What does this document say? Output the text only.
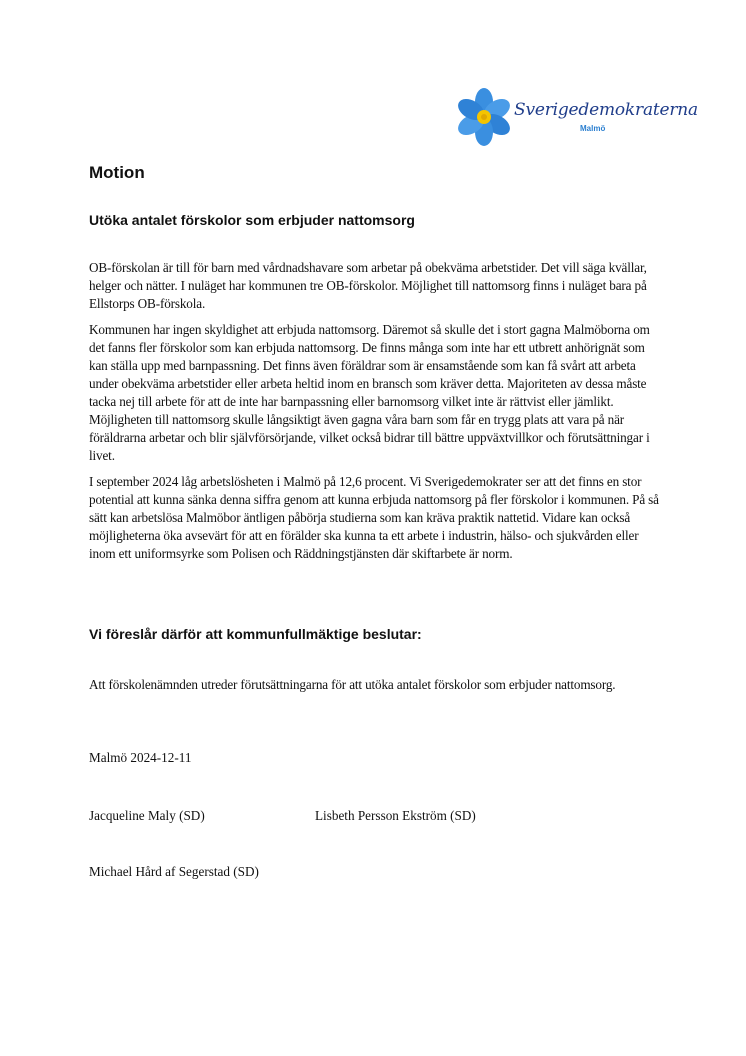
Sverigedemokraterna
Malmö
Motion
Utöka antalet förskolor som erbjuder nattomsorg

OB-förskolan är till för barn med vårdnadshavare som arbetar på obekväma arbetstider. Det vill säga kvällar, helger och nätter. I nuläget har kommunen tre OB-förskolor. Möjlighet till nattomsorg finns i nuläget bara på Ellstorps OB-förskola.

Kommunen har ingen skyldighet att erbjuda nattomsorg. Däremot så skulle det i stort gagna Malmöborna om det fanns fler förskolor som kan erbjuda nattomsorg. De finns många som inte har ett utbrett anhörignät som kan ställa upp med barnpassning. Det finns även föräldrar som är ensamstående som kan få svårt att arbeta under obekväma arbetstider eller arbeta heltid inom en bransch som kräver detta. Majoriteten av dessa måste tacka nej till arbete för att de inte har barnpassning eller barnomsorg vilket inte är rättvist eller jämlikt. Möjligheten till nattomsorg skulle långsiktigt även gagna våra barn som får en trygg plats att vara på när föräldrarna arbetar och blir självförsörjande, vilket också bidrar till bättre uppväxtvillkor och förutsättningar i livet.

I september 2024 låg arbetslösheten i Malmö på 12,6 procent. Vi Sverigedemokrater ser att det finns en stor potential att kunna sänka denna siffra genom att kunna erbjuda nattomsorg på fler förskolor i kommunen. På så sätt kan arbetslösa Malmöbor äntligen påbörja studierna som kan kräva praktik nattetid. Vidare kan också möjligheterna öka avsevärt för att en förälder ska kunna ta ett arbete i industrin, hälso- och sjukvården eller inom ett uniformsyrke som Polisen och Räddningstjänsten där skiftarbete är norm.

Vi föreslår därför att kommunfullmäktige beslutar:

Att förskolenämnden utreder förutsättningarna för att utöka antalet förskolor som erbjuder nattomsorg.

Malmö 2024-12-11
Jacqueline Maly (SD)	Lisbeth Persson Ekström (SD)
Michael Hård af Segerstad (SD)
